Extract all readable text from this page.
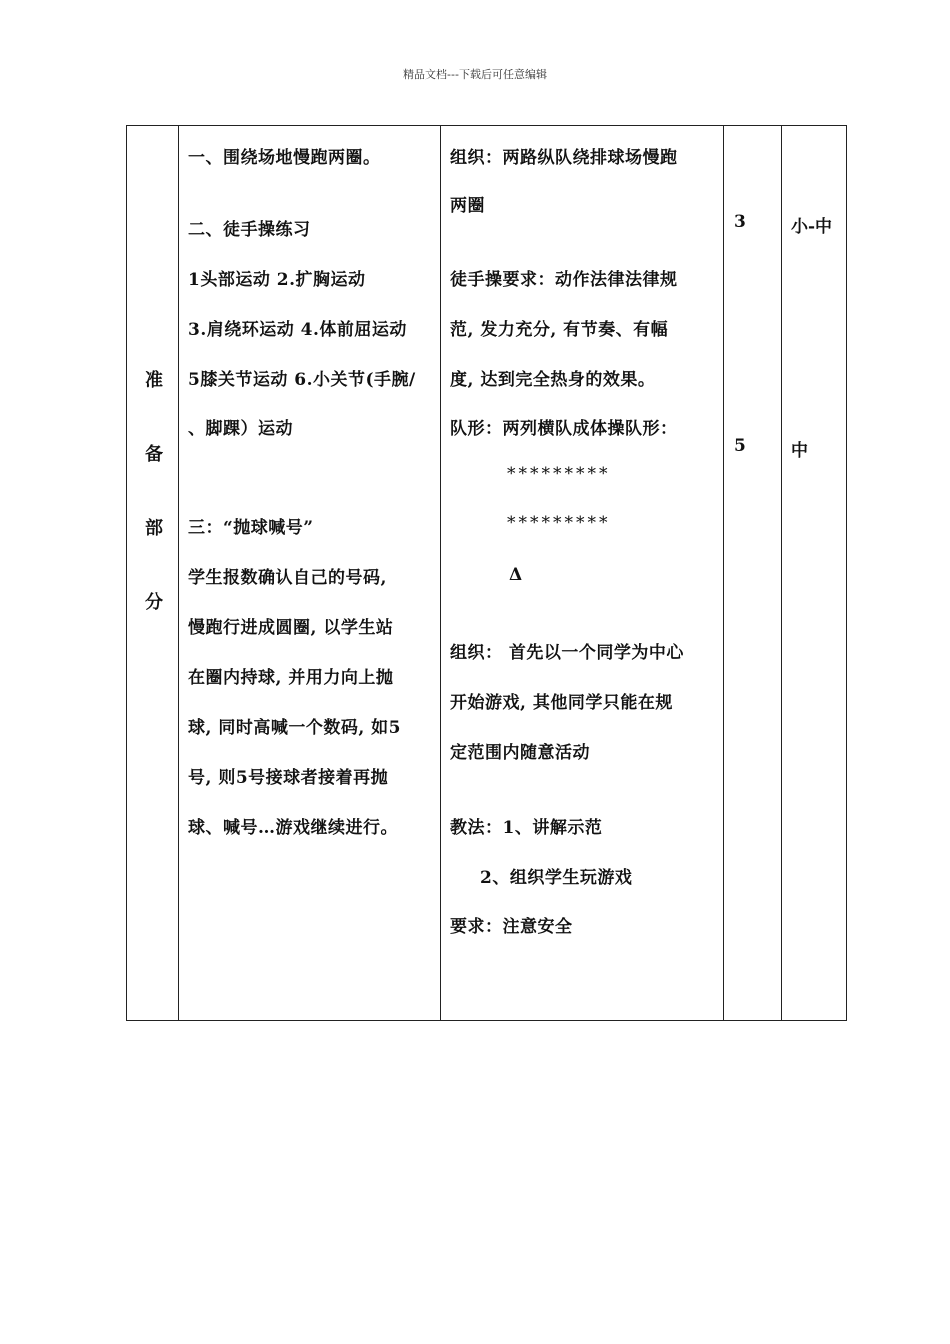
精品文档---下载后可任意编辑
准
备
部
分
一、围绕场地慢跑两圈。
二、徒手操练习
1头部运动 2.扩胸运动
3.肩绕环运动 4.体前屈运动
5膝关节运动 6.小关节(手腕/
、脚踝）运动
三：“抛球喊号”
学生报数确认自己的号码,
慢跑行进成圆圈, 以学生站
在圈内持球, 并用力向上抛
球, 同时高喊一个数码, 如5
号, 则5号接球者接着再抛
球、喊号…游戏继续进行。
组织：两路纵队绕排球场慢跑
两圈
徒手操要求：动作法律法律规
范, 发力充分, 有节奏、有幅
度, 达到完全热身的效果。
队形：两列横队成体操队形：
*********
*********
Δ
组织： 首先以一个同学为中心
开始游戏, 其他同学只能在规
定范围内随意活动
教法：1、讲解示范
2、组织学生玩游戏
要求：注意安全
3
5
小-中
中
